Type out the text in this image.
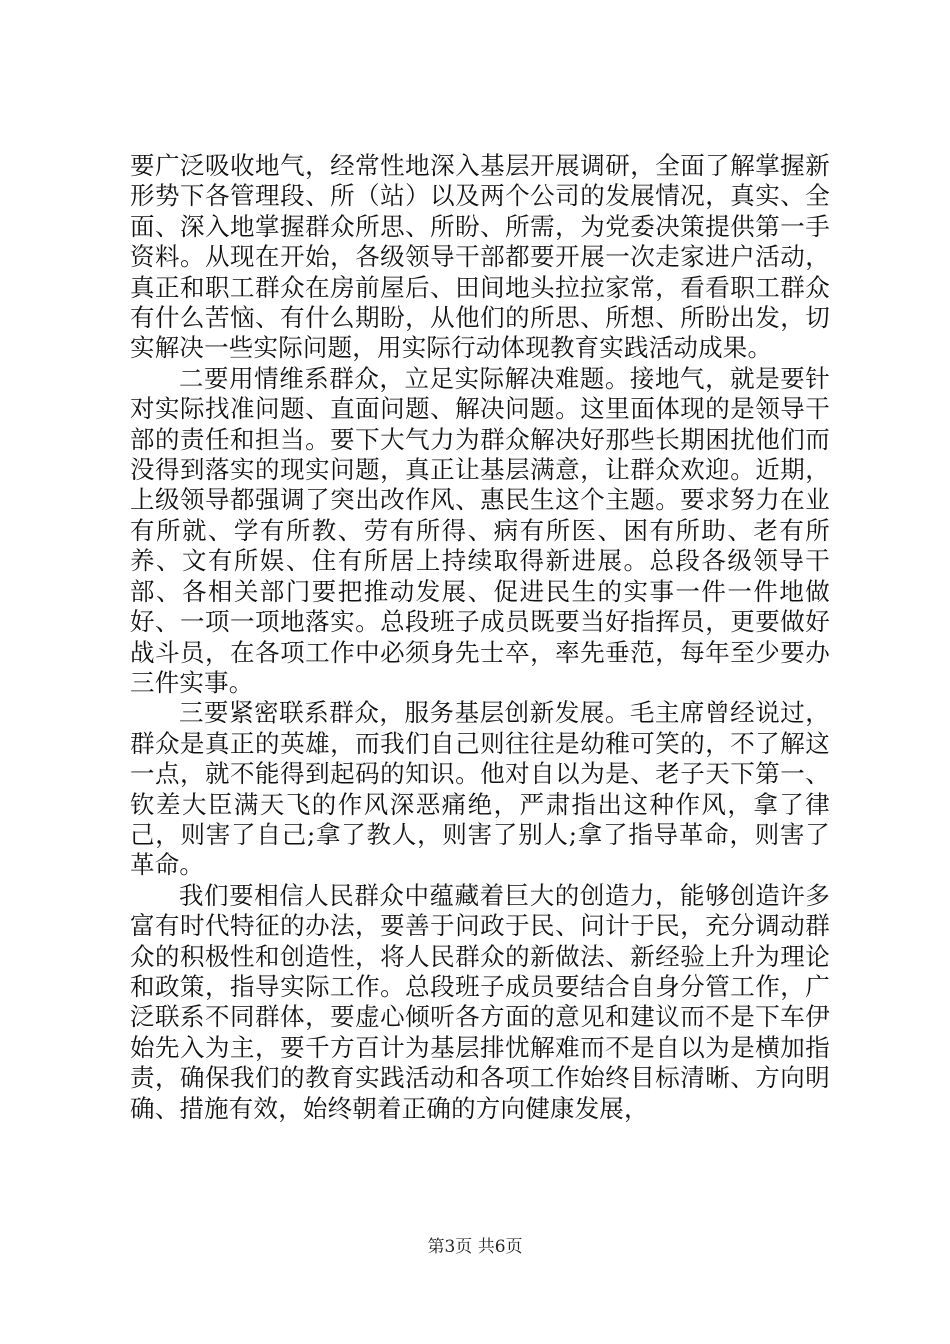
要广泛吸收地气，经常性地深入基层开展调研，全面了解掌握新形势下各管理段、所（站）以及两个公司的发展情况，真实、全面、深入地掌握群众所思、所盼、所需，为党委决策提供第一手资料。从现在开始，各级领导干部都要开展一次走家进户活动，真正和职工群众在房前屋后、田间地头拉拉家常，看看职工群众有什么苦恼、有什么期盼，从他们的所思、所想、所盼出发，切实解决一些实际问题，用实际行动体现教育实践活动成果。

二要用情维系群众，立足实际解决难题。接地气，就是要针对实际找准问题、直面问题、解决问题。这里面体现的是领导干部的责任和担当。要下大气力为群众解决好那些长期困扰他们而没得到落实的现实问题，真正让基层满意，让群众欢迎。近期，上级领导都强调了突出改作风、惠民生这个主题。要求努力在业有所就、学有所教、劳有所得、病有所医、困有所助、老有所养、文有所娱、住有所居上持续取得新进展。总段各级领导干部、各相关部门要把推动发展、促进民生的实事一件一件地做好、一项一项地落实。总段班子成员既要当好指挥员，更要做好战斗员，在各项工作中必须身先士卒，率先垂范，每年至少要办三件实事。

三要紧密联系群众，服务基层创新发展。毛主席曾经说过，群众是真正的英雄，而我们自己则往往是幼稚可笑的，不了解这一点，就不能得到起码的知识。他对自以为是、老子天下第一、钦差大臣满天飞的作风深恶痛绝，严肃指出这种作风，拿了律己，则害了自己;拿了教人，则害了别人;拿了指导革命，则害了革命。

我们要相信人民群众中蕴藏着巨大的创造力，能够创造许多富有时代特征的办法，要善于问政于民、问计于民，充分调动群众的积极性和创造性，将人民群众的新做法、新经验上升为理论和政策，指导实际工作。总段班子成员要结合自身分管工作，广泛联系不同群体，要虚心倾听各方面的意见和建议而不是下车伊始先入为主，要千方百计为基层排忧解难而不是自以为是横加指责，确保我们的教育实践活动和各项工作始终目标清晰、方向明确、措施有效，始终朝着正确的方向健康发展，

第3页 共6页
